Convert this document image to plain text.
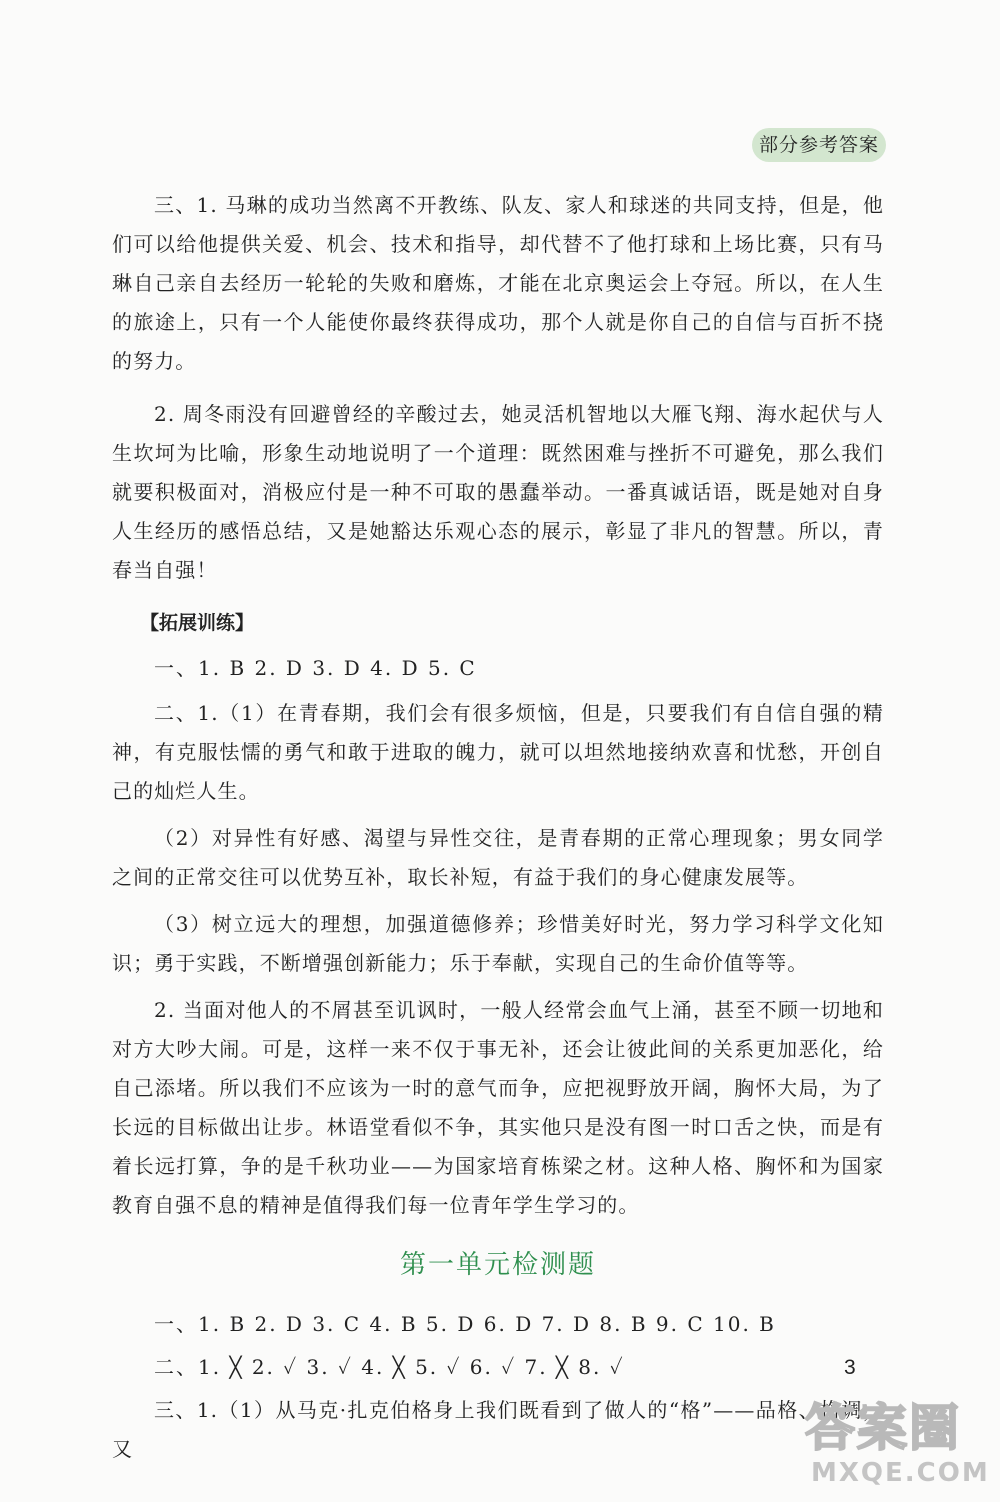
部分参考答案

三、1. 马琳的成功当然离不开教练、队友、家人和球迷的共同支持，但是，他们可以给他提供关爱、机会、技术和指导，却代替不了他打球和上场比赛，只有马琳自己亲自去经历一轮轮的失败和磨炼，才能在北京奥运会上夺冠。所以，在人生的旅途上，只有一个人能使你最终获得成功，那个人就是你自己的自信与百折不挠的努力。

2. 周冬雨没有回避曾经的辛酸过去，她灵活机智地以大雁飞翔、海水起伏与人生坎坷为比喻，形象生动地说明了一个道理：既然困难与挫折不可避免，那么我们就要积极面对，消极应付是一种不可取的愚蠢举动。一番真诚话语，既是她对自身人生经历的感悟总结，又是她豁达乐观心态的展示，彰显了非凡的智慧。所以，青春当自强！

【拓展训练】

一、1. B 2. D 3. D 4. D 5. C

二、1.（1）在青春期，我们会有很多烦恼，但是，只要我们有自信自强的精神，有克服怯懦的勇气和敢于进取的魄力，就可以坦然地接纳欢喜和忧愁，开创自己的灿烂人生。

（2）对异性有好感、渴望与异性交往，是青春期的正常心理现象；男女同学之间的正常交往可以优势互补，取长补短，有益于我们的身心健康发展等。

（3）树立远大的理想，加强道德修养；珍惜美好时光，努力学习科学文化知识；勇于实践，不断增强创新能力；乐于奉献，实现自己的生命价值等等。

2. 当面对他人的不屑甚至讥讽时，一般人经常会血气上涌，甚至不顾一切地和对方大吵大闹。可是，这样一来不仅于事无补，还会让彼此间的关系更加恶化，给自己添堵。所以我们不应该为一时的意气而争，应把视野放开阔，胸怀大局，为了长远的目标做出让步。林语堂看似不争，其实他只是没有图一时口舌之快，而是有着长远打算，争的是千秋功业——为国家培育栋梁之材。这种人格、胸怀和为国家教育自强不息的精神是值得我们每一位青年学生学习的。

第一单元检测题

一、1. B 2. D 3. C 4. B 5. D 6. D 7. D 8. B 9. C 10. B

二、1. ╳ 2. ✓ 3. ✓ 4. ╳ 5. ✓ 6. ✓ 7. ╳ 8. ✓

三、1.（1）从马克·扎克伯格身上我们既看到了做人的“格”——品格、格调，又

3
答案圈
MXQE.COM
